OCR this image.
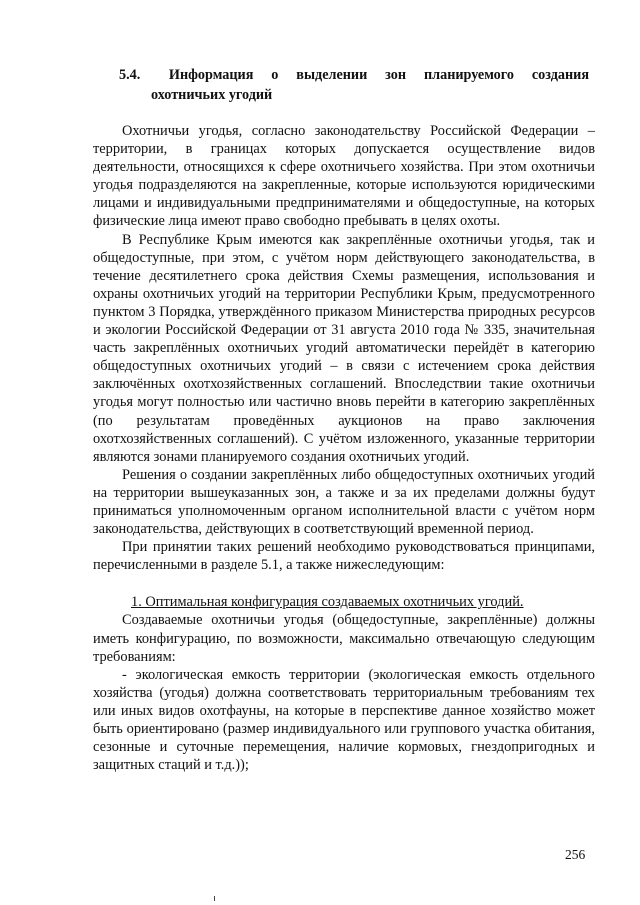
5.4. Информация о выделении зон планируемого создания
охотничьих угодий

Охотничьи угодья, согласно законодательству Российской Федерации – территории, в границах которых допускается осуществление видов деятельности, относящихся к сфере охотничьего хозяйства. При этом охотничьи угодья подразделяются на закрепленные, которые используются юридическими лицами и индивидуальными предпринимателями и общедоступные, на которых физические лица имеют право свободно пребывать в целях охоты.

В Республике Крым имеются как закреплённые охотничьи угодья, так и общедоступные, при этом, с учётом норм действующего законодательства, в течение десятилетнего срока действия Схемы размещения, использования и охраны охотничьих угодий на территории Республики Крым, предусмотренного пунктом 3 Порядка, утверждённого приказом Министерства природных ресурсов и экологии Российской Федерации от 31 августа 2010 года № 335, значительная часть закреплённых охотничьих угодий автоматически перейдёт в категорию общедоступных охотничьих угодий – в связи с истечением срока действия заключённых охотхозяйственных соглашений. Впоследствии такие охотничьи угодья могут полностью или частично вновь перейти в категорию закреплённых (по результатам проведённых аукционов на право заключения охотхозяйственных соглашений). С учётом изложенного, указанные территории являются зонами планируемого создания охотничьих угодий.

Решения о создании закреплённых либо общедоступных охотничьих угодий на территории вышеуказанных зон, а также и за их пределами должны будут приниматься уполномоченным органом исполнительной власти с учётом норм законодательства, действующих в соответствующий временной период.

При принятии таких решений необходимо руководствоваться принципами, перечисленными в разделе 5.1, а также нижеследующим:

1. Оптимальная конфигурация создаваемых охотничьих угодий.

Создаваемые охотничьи угодья (общедоступные, закреплённые) должны иметь конфигурацию, по возможности, максимально отвечающую следующим требованиям:

- экологическая емкость территории (экологическая емкость отдельного хозяйства (угодья) должна соответствовать территориальным требованиям тех или иных видов охотфауны, на которые в перспективе данное хозяйство может быть ориентировано (размер индивидуального или группового участка обитания, сезонные и суточные перемещения, наличие кормовых, гнездопригодных и защитных стаций и т.д.));

256
